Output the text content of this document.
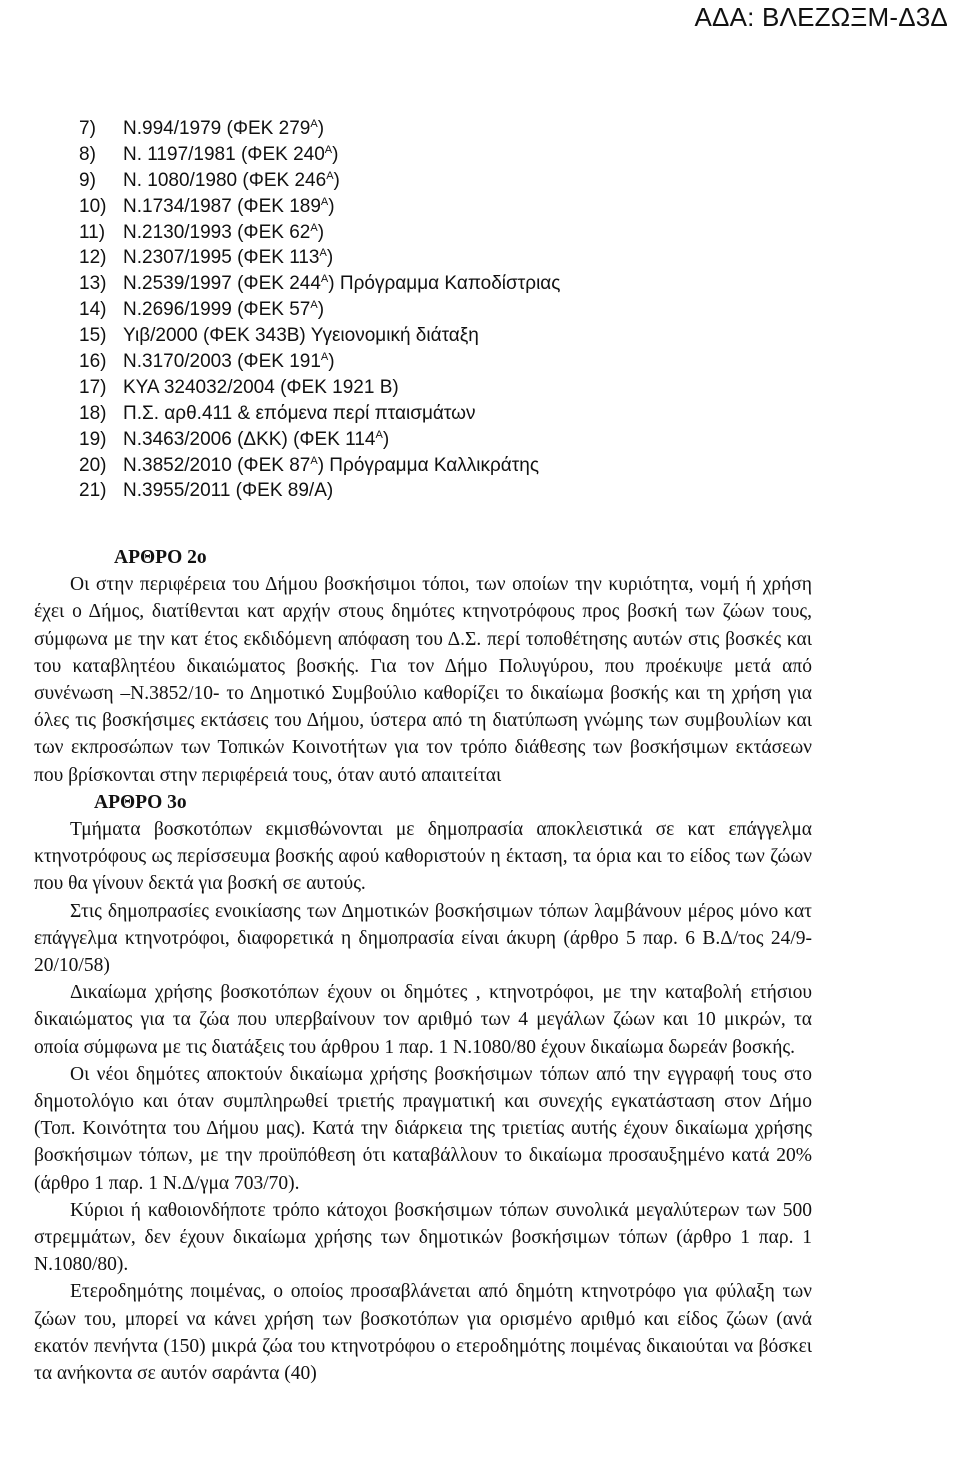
ΑΔΑ: ΒΛΕΖΩΞΜ-Δ3Δ
7) Ν.994/1979 (ΦΕΚ $279^A$)
8) Ν. 1197/1981 (ΦΕΚ $240^A$)
9) Ν. 1080/1980 (ΦΕΚ $246^A$)
10) Ν.1734/1987 (ΦΕΚ $189^A$)
11) Ν.2130/1993 (ΦΕΚ $62^A$)
12) Ν.2307/1995 (ΦΕΚ $113^A$)
13) Ν.2539/1997 (ΦΕΚ $244^A$) Πρόγραμμα Καποδίστριας
14) Ν.2696/1999 (ΦΕΚ $57^A$)
15) Υιβ/2000 (ΦΕΚ 343Β) Υγειονομική διάταξη
16) Ν.3170/2003 (ΦΕΚ $191^A$)
17) ΚΥΑ 324032/2004 (ΦΕΚ 1921 Β)
18) Π.Σ. αρθ.411 & επόμενα περί πταισμάτων
19) Ν.3463/2006 (ΔΚΚ) (ΦΕΚ $114^A$)
20) Ν.3852/2010 (ΦΕΚ $87^A$) Πρόγραμμα Καλλικράτης
21) Ν.3955/2011 (ΦΕΚ 89/Α)

ΑΡΘΡΟ 2ο

Οι στην περιφέρεια του Δήμου βοσκήσιμοι τόποι, των οποίων την κυριότητα, νομή ή χρήση έχει ο Δήμος, διατίθενται κατ αρχήν στους δημότες κτηνοτρόφους προς βοσκή των ζώων τους, σύμφωνα με την κατ έτος εκδιδόμενη απόφαση του Δ.Σ. περί τοποθέτησης αυτών στις βοσκές και του καταβλητέου δικαιώματος βοσκής. Για τον Δήμο Πολυγύρου, που προέκυψε μετά από συνένωση –Ν.3852/10- το Δημοτικό Συμβούλιο καθορίζει το δικαίωμα βοσκής και τη χρήση για όλες τις βοσκήσιμες εκτάσεις του Δήμου, ύστερα από τη διατύπωση γνώμης των συμβουλίων και των εκπροσώπων των Τοπικών Κοινοτήτων για τον τρόπο διάθεσης των βοσκήσιμων εκτάσεων που βρίσκονται στην περιφέρειά τους, όταν αυτό απαιτείται

ΑΡΘΡΟ 3ο

Τμήματα βοσκοτόπων εκμισθώνονται με δημοπρασία αποκλειστικά σε κατ επάγγελμα κτηνοτρόφους ως περίσσευμα βοσκής αφού καθοριστούν η έκταση, τα όρια και το είδος των ζώων που θα γίνουν δεκτά για βοσκή σε αυτούς.

Στις δημοπρασίες ενοικίασης των Δημοτικών βοσκήσιμων τόπων λαμβάνουν μέρος μόνο κατ επάγγελμα κτηνοτρόφοι, διαφορετικά η δημοπρασία είναι άκυρη (άρθρο 5 παρ. 6 Β.Δ/τος 24/9-20/10/58)

Δικαίωμα χρήσης βοσκοτόπων έχουν οι δημότες , κτηνοτρόφοι, με την καταβολή ετήσιου δικαιώματος για τα ζώα που υπερβαίνουν τον αριθμό των 4 μεγάλων ζώων και 10 μικρών, τα οποία σύμφωνα με τις διατάξεις του άρθρου 1 παρ. 1 Ν.1080/80 έχουν δικαίωμα δωρεάν βοσκής.

Οι νέοι δημότες αποκτούν δικαίωμα χρήσης βοσκήσιμων τόπων από την εγγραφή τους στο δημοτολόγιο και όταν συμπληρωθεί τριετής πραγματική και συνεχής εγκατάσταση στον Δήμο (Τοπ. Κοινότητα του Δήμου μας). Κατά την διάρκεια της τριετίας αυτής έχουν δικαίωμα χρήσης βοσκήσιμων τόπων, με την προϋπόθεση ότι καταβάλλουν το δικαίωμα προσαυξημένο κατά 20% (άρθρο 1 παρ. 1 Ν.Δ/γμα 703/70).

Κύριοι ή καθοιονδήποτε τρόπο κάτοχοι βοσκήσιμων τόπων συνολικά μεγαλύτερων των 500 στρεμμάτων, δεν έχουν δικαίωμα χρήσης των δημοτικών βοσκήσιμων τόπων (άρθρο 1 παρ. 1 Ν.1080/80).

Ετεροδημότης ποιμένας, ο οποίος προσαβλάνεται από δημότη κτηνοτρόφο για φύλαξη των ζώων του, μπορεί να κάνει χρήση των βοσκοτόπων για ορισμένο αριθμό και είδος ζώων (ανά εκατόν πενήντα (150) μικρά ζώα του κτηνοτρόφου ο ετεροδημότης ποιμένας δικαιούται να βόσκει τα ανήκοντα σε αυτόν σαράντα (40)
